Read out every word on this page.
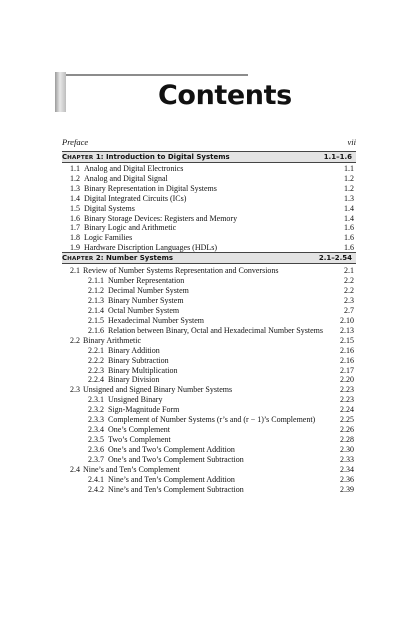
Contents
Preface	vii
CHAPTER 1: Introduction to Digital Systems	1.1–1.6
1.1 Analog and Digital Electronics	1.1
1.2 Analog and Digital Signal	1.2
1.3 Binary Representation in Digital Systems	1.2
1.4 Digital Integrated Circuits (ICs)	1.3
1.5 Digital Systems	1.4
1.6 Binary Storage Devices: Registers and Memory	1.4
1.7 Binary Logic and Arithmetic	1.6
1.8 Logic Families	1.6
1.9 Hardware Discription Languages (HDLs)	1.6
CHAPTER 2: Number Systems	2.1–2.54
2.1 Review of Number Systems Representation and Conversions	2.1
2.1.1 Number Representation	2.2
2.1.2 Decimal Number System	2.2
2.1.3 Binary Number System	2.3
2.1.4 Octal Number System	2.7
2.1.5 Hexadecimal Number System	2.10
2.1.6 Relation between Binary, Octal and Hexadecimal Number Systems 2.13
2.2 Binary Arithmetic	2.15
2.2.1 Binary Addition	2.16
2.2.2 Binary Subtraction	2.16
2.2.3 Binary Multiplication	2.17
2.2.4 Binary Division	2.20
2.3 Unsigned and Signed Binary Number Systems	2.23
2.3.1 Unsigned Binary	2.23
2.3.2 Sign-Magnitude Form	2.24
2.3.3 Complement of Number Systems (r’s and (r − 1)’s Complement)	2.25
2.3.4 One’s Complement	2.26
2.3.5 Two’s Complement	2.28
2.3.6 One’s and Two’s Complement Addition	2.30
2.3.7 One’s and Two’s Complement Subtraction	2.33
2.4 Nine’s and Ten’s Complement	2.34
2.4.1 Nine’s and Ten’s Complement Addition	2.36
2.4.2 Nine’s and Ten’s Complement Subtraction	2.39
